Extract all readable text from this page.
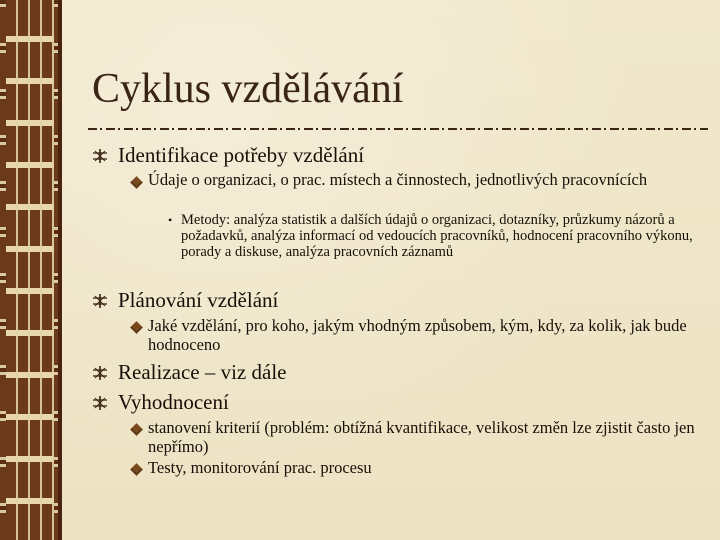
Cyklus vzdělávání
Identifikace potřeby vzdělání
Údaje o organizaci, o prac. místech a činnostech, jednotlivých pracovnících
• Metody: analýza statistik a dalších údajů o organizaci, dotazníky, průzkumy názorů a požadavků, analýza informací od vedoucích pracovníků, hodnocení pracovního výkonu, porady a diskuse, analýza pracovních záznamů
Plánování vzdělání
Jaké vzdělání, pro koho, jakým vhodným způsobem, kým, kdy, za kolik, jak bude hodnoceno
Realizace – viz dále
Vyhodnocení
stanovení kriterií (problém: obtížná kvantifikace, velikost změn lze zjistit často jen nepřímo)
Testy, monitorování prac. procesu
